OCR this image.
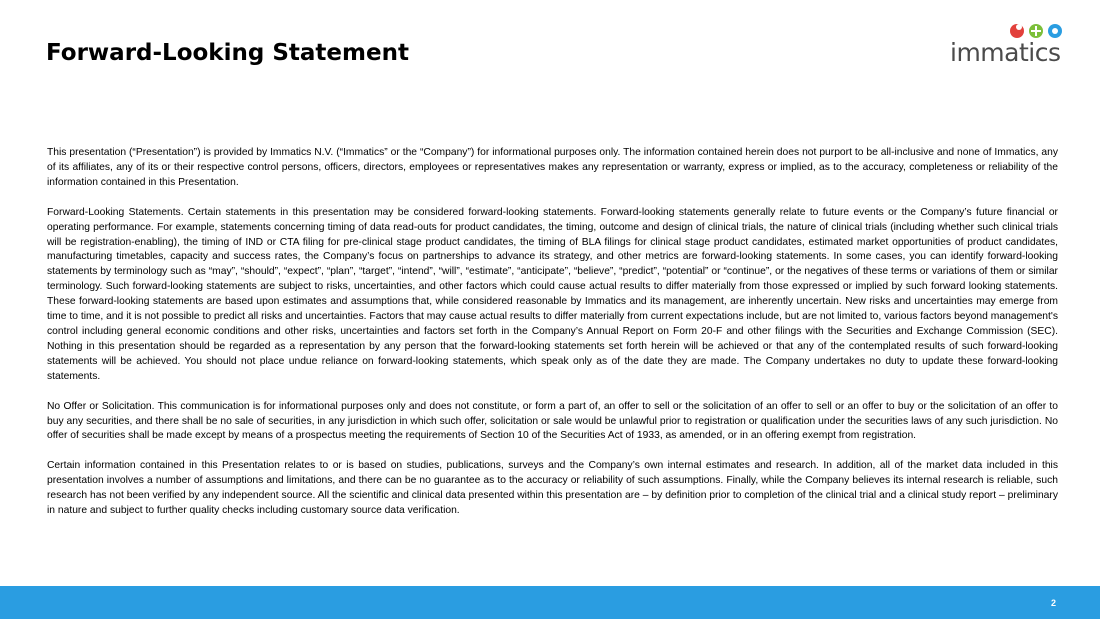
Forward-Looking Statement	immatics

This presentation (“Presentation”) is provided by Immatics N.V. (“Immatics” or the “Company”) for informational purposes only. The information contained herein does not purport to be all-inclusive and none of Immatics, any of its affiliates, any of its or their respective control persons, officers, directors, employees or representatives makes any representation or warranty, express or implied, as to the accuracy, completeness or reliability of the information contained in this Presentation.

Forward-Looking Statements. Certain statements in this presentation may be considered forward-looking statements. Forward-looking statements generally relate to future events or the Company’s future financial or operating performance. For example, statements concerning timing of data read-outs for product candidates, the timing, outcome and design of clinical trials, the nature of clinical trials (including whether such clinical trials will be registration-enabling), the timing of IND or CTA filing for pre-clinical stage product candidates, the timing of BLA filings for clinical stage product candidates, estimated market opportunities of product candidates, manufacturing timetables, capacity and success rates, the Company’s focus on partnerships to advance its strategy, and other metrics are forward-looking statements. In some cases, you can identify forward-looking statements by terminology such as “may”, “should”, “expect”, “plan”, “target”, “intend”, “will”, “estimate”, “anticipate”, “believe”, “predict”, “potential” or “continue”, or the negatives of these terms or variations of them or similar terminology. Such forward-looking statements are subject to risks, uncertainties, and other factors which could cause actual results to differ materially from those expressed or implied by such forward looking statements. These forward-looking statements are based upon estimates and assumptions that, while considered reasonable by Immatics and its management, are inherently uncertain. New risks and uncertainties may emerge from time to time, and it is not possible to predict all risks and uncertainties. Factors that may cause actual results to differ materially from current expectations include, but are not limited to, various factors beyond management's control including general economic conditions and other risks, uncertainties and factors set forth in the Company’s Annual Report on Form 20-F and other filings with the Securities and Exchange Commission (SEC). Nothing in this presentation should be regarded as a representation by any person that the forward-looking statements set forth herein will be achieved or that any of the contemplated results of such forward-looking statements will be achieved. You should not place undue reliance on forward-looking statements, which speak only as of the date they are made. The Company undertakes no duty to update these forward-looking statements.

No Offer or Solicitation. This communication is for informational purposes only and does not constitute, or form a part of, an offer to sell or the solicitation of an offer to sell or an offer to buy or the solicitation of an offer to buy any securities, and there shall be no sale of securities, in any jurisdiction in which such offer, solicitation or sale would be unlawful prior to registration or qualification under the securities laws of any such jurisdiction. No offer of securities shall be made except by means of a prospectus meeting the requirements of Section 10 of the Securities Act of 1933, as amended, or in an offering exempt from registration.

Certain information contained in this Presentation relates to or is based on studies, publications, surveys and the Company’s own internal estimates and research. In addition, all of the market data included in this presentation involves a number of assumptions and limitations, and there can be no guarantee as to the accuracy or reliability of such assumptions. Finally, while the Company believes its internal research is reliable, such research has not been verified by any independent source. All the scientific and clinical data presented within this presentation are – by definition prior to completion of the clinical trial and a clinical study report – preliminary in nature and subject to further quality checks including customary source data verification.

2
